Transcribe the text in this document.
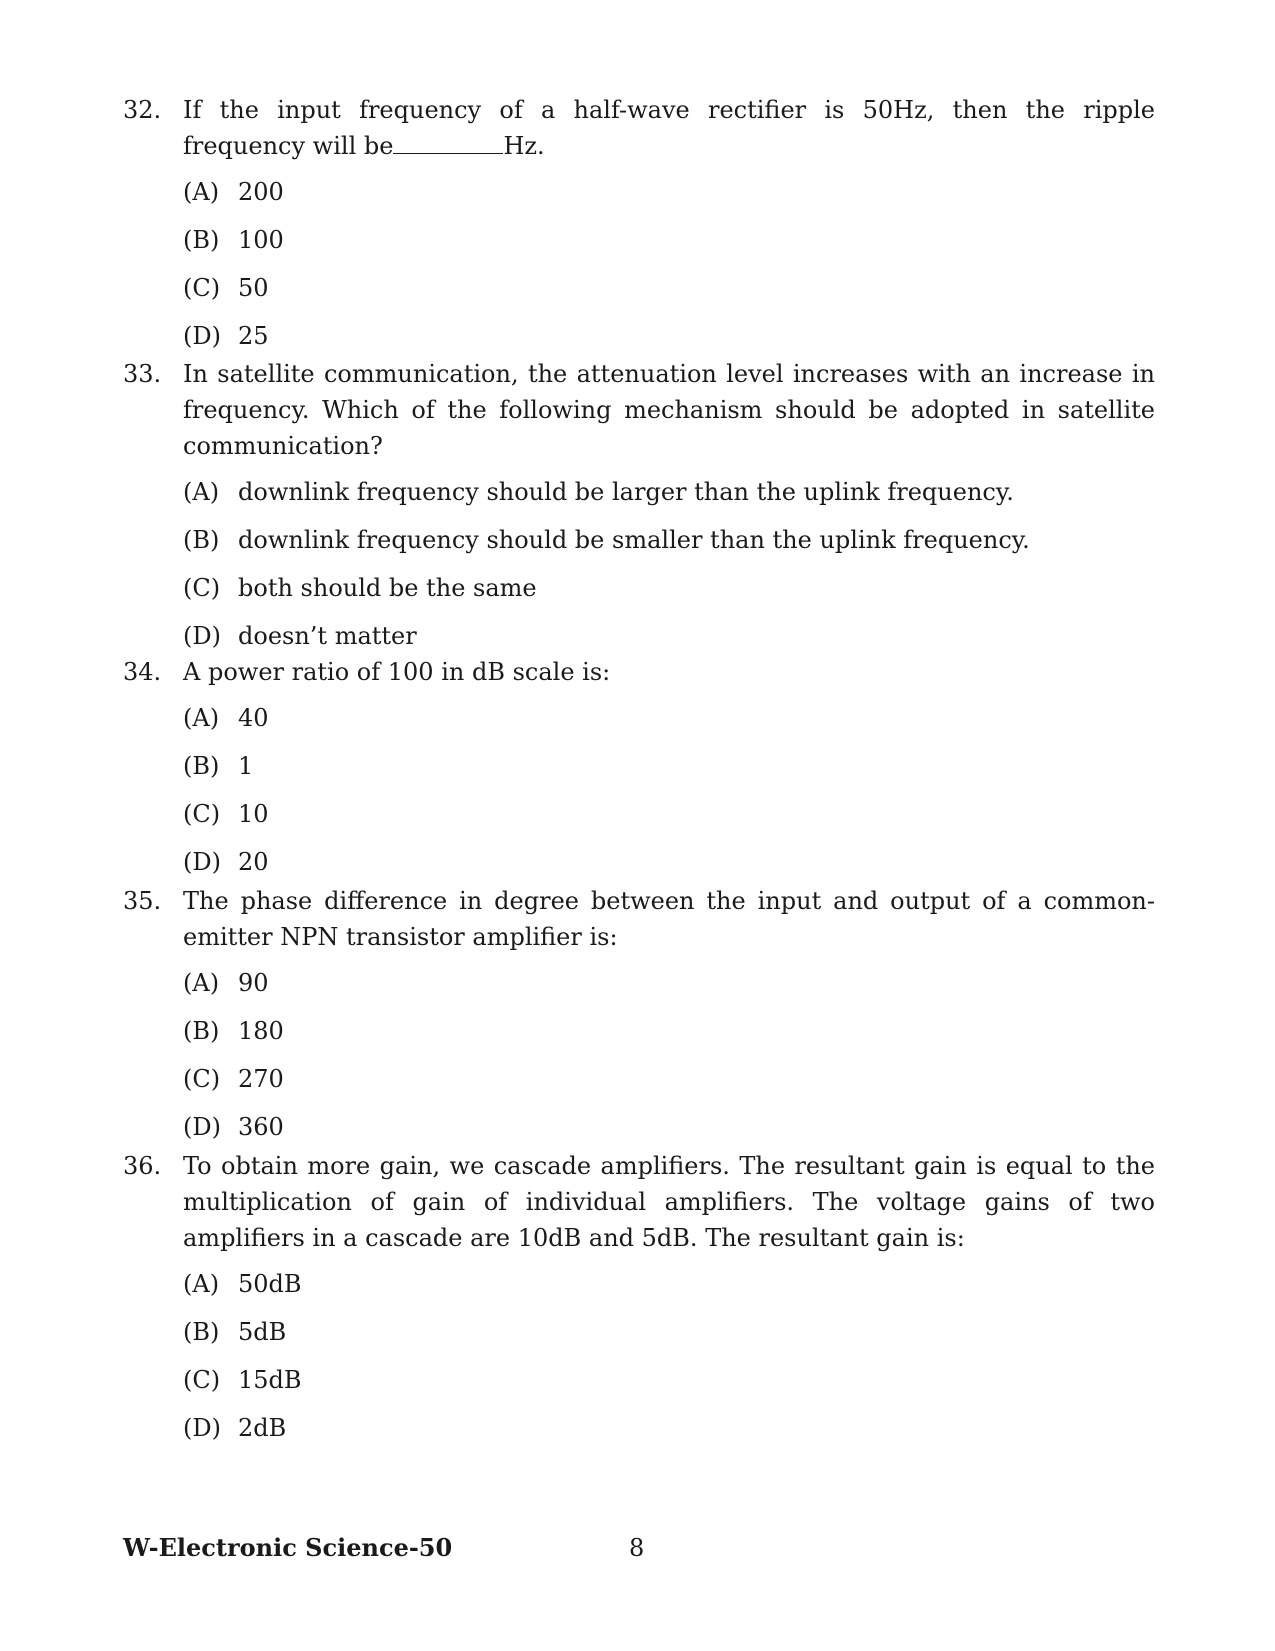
32. If the input frequency of a half-wave rectifier is 50Hz, then the ripple frequency will be	Hz.
(A) 200
(B) 100
(C) 50
(D) 25
33. In satellite communication, the attenuation level increases with an increase in frequency. Which of the following mechanism should be adopted in satellite communication?
(A) downlink frequency should be larger than the uplink frequency.
(B) downlink frequency should be smaller than the uplink frequency.
(C) both should be the same
(D) doesn’t matter
34. A power ratio of 100 in dB scale is:
(A) 40
(B) 1
(C) 10
(D) 20
35. The phase difference in degree between the input and output of a common-emitter NPN transistor amplifier is:
(A) 90
(B) 180
(C) 270
(D) 360
36. To obtain more gain, we cascade amplifiers. The resultant gain is equal to the multiplication of gain of individual amplifiers. The voltage gains of two amplifiers in a cascade are 10dB and 5dB. The resultant gain is:
(A) 50dB
(B) 5dB
(C) 15dB
(D) 2dB
W-Electronic Science-50	8
